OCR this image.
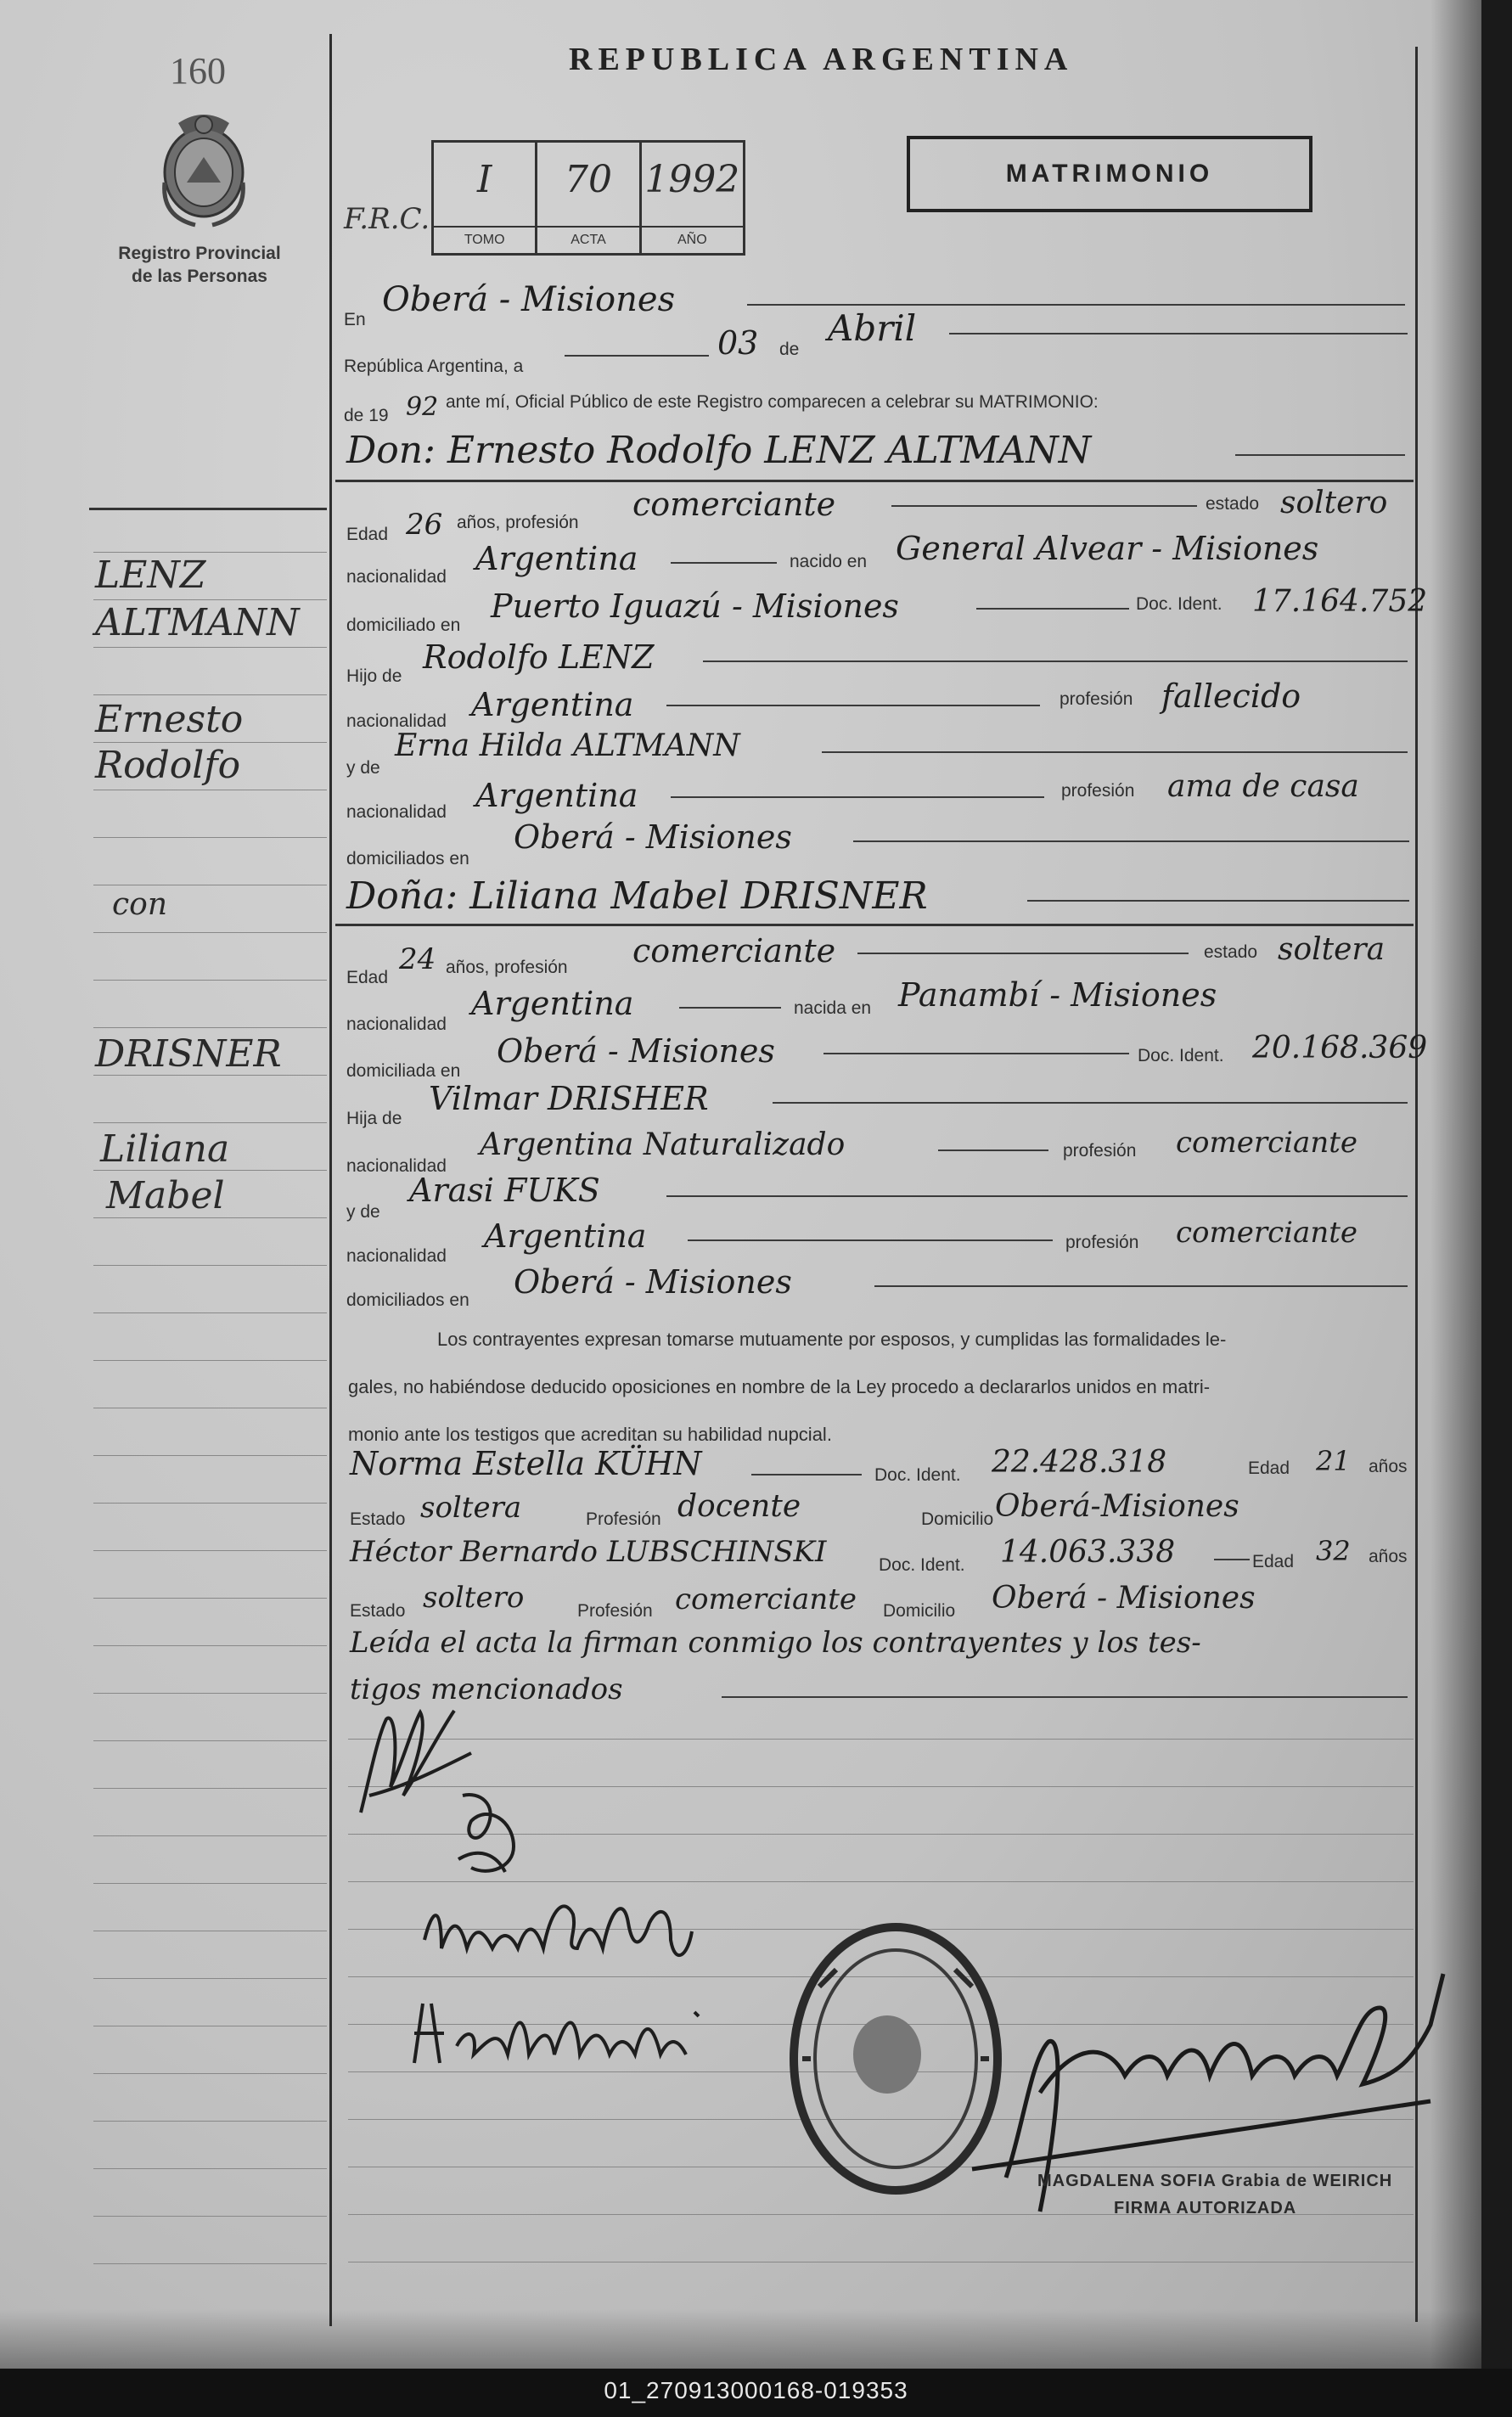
160
Registro Provincial
de las Personas
REPUBLICA ARGENTINA
F.R.C.
I
TOMO
70
ACTA
1992
AÑO
MATRIMONIO
En
Oberá - Misiones
República Argentina, a
03 de
Abril
de 19 92 ante mí, Oficial Público de este Registro comparecen a celebrar su MATRIMONIO:
Don: Ernesto Rodolfo LENZ ALTMANN
Edad 26 años, profesión comerciante	estado soltero
nacionalidad Argentina	nacido en General Alvear - Misiones
domiciliado en
Puerto Iguazú - Misiones	Doc. Ident. 17.164.752
Hijo de
Rodolfo LENZ
nacionalidad Argentina	profesión fallecido
y de
Erna Hilda ALTMANN
nacionalidad Argentina	profesión ama de casa
domiciliados en
Oberá - Misiones
Doña: Liliana Mabel DRISNER
Edad
24 años, profesión comerciante	estado soltera
nacionalidad
Argentina	nacida en Panambí - Misiones
domiciliada en
Oberá - Misiones	Doc. Ident. 20.168.369
Hija de
Vilmar DRISHER
nacionalidad
Argentina Naturalizado	profesión comerciante
y de
Arasi FUKS
nacionalidad
Argentina	profesión comerciante
domiciliados en Oberá - Misiones
Los contrayentes expresan tomarse mutuamente por esposos, y cumplidas las formalidades le-
gales, no habiéndose deducido oposiciones en nombre de la Ley procedo a declararlos unidos en matri-
monio ante los testigos que acreditan su habilidad nupcial.
Norma Estella KÜHN	Doc. Ident. 22.428.318	Edad 21 años
Estado soltera	Profesión docente	Domicilio Oberá-Misiones
Héctor Bernardo LUBSCHINSKI	Doc. Ident. 14.063.338	Edad 32 años
Estado soltero	Profesión comerciante Domicilio Oberá - Misiones
Leída el acta la firman conmigo los contrayentes y los tes-
tigos mencionados
LENZ
ALTMANN
Ernesto
Rodolfo
con
DRISNER
Liliana
Mabel
MAGDALENA SOFIA Grabia de WEIRICH
FIRMA AUTORIZADA
01_270913000168-019353
